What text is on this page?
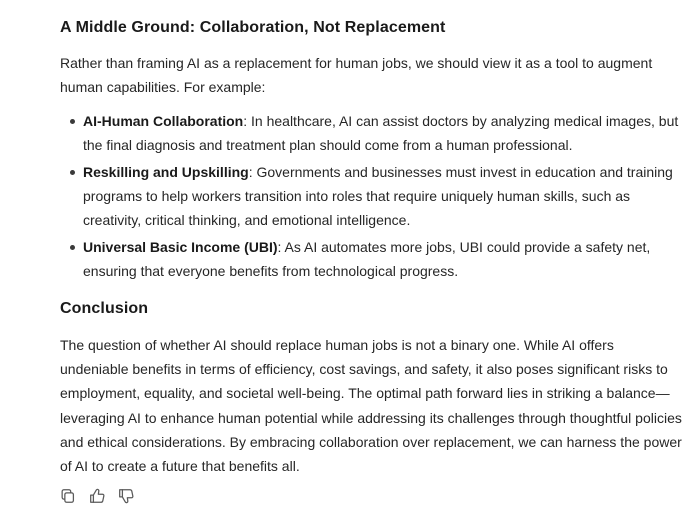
A Middle Ground: Collaboration, Not Replacement

Rather than framing AI as a replacement for human jobs, we should view it as a tool to augment human capabilities. For example:

AI-Human Collaboration: In healthcare, AI can assist doctors by analyzing medical images, but the final diagnosis and treatment plan should come from a human professional.
Reskilling and Upskilling: Governments and businesses must invest in education and training programs to help workers transition into roles that require uniquely human skills, such as creativity, critical thinking, and emotional intelligence.
Universal Basic Income (UBI): As AI automates more jobs, UBI could provide a safety net, ensuring that everyone benefits from technological progress.
Conclusion

The question of whether AI should replace human jobs is not a binary one. While AI offers undeniable benefits in terms of efficiency, cost savings, and safety, it also poses significant risks to employment, equality, and societal well-being. The optimal path forward lies in striking a balance—leveraging AI to enhance human potential while addressing its challenges through thoughtful policies and ethical considerations. By embracing collaboration over replacement, we can harness the power of AI to create a future that benefits all.
